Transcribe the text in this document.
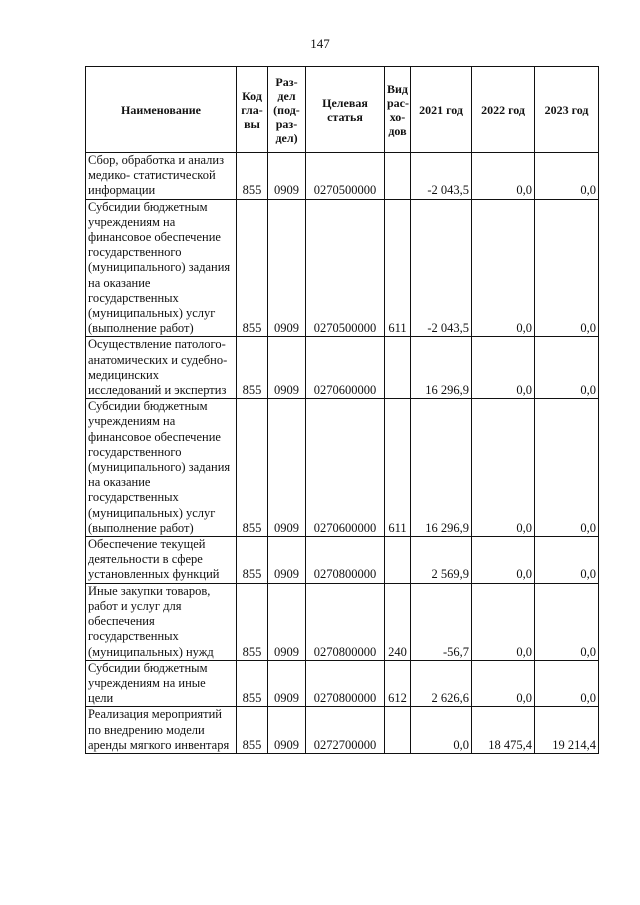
147
Наименование	Код гла- вы	Раз- дел (под- раз- дел)	Целевая статья	Вид рас- хо- дов	2021 год	2022 год	2023 год
Сбор, обработка и анализ медико- статистической информации	855	0909	0270500000		-2 043,5	0,0	0,0
Субсидии бюджетным учреждениям на финансовое обеспечение государственного (муниципального) задания на оказание государственных (муниципальных) услуг (выполнение работ)	855	0909	0270500000	611	-2 043,5	0,0	0,0
Осуществление патолого-анатомических и судебно-медицинских исследований и экспертиз	855	0909	0270600000		16 296,9	0,0	0,0
Субсидии бюджетным учреждениям на финансовое обеспечение государственного (муниципального) задания на оказание государственных (муниципальных) услуг (выполнение работ)	855	0909	0270600000	611	16 296,9	0,0	0,0
Обеспечение текущей деятельности в сфере установленных функций	855	0909	0270800000		2 569,9	0,0	0,0
Иные закупки товаров, работ и услуг для обеспечения государственных (муниципальных) нужд	855	0909	0270800000	240	-56,7	0,0	0,0
Субсидии бюджетным учреждениям на иные цели	855	0909	0270800000	612	2 626,6	0,0	0,0
Реализация мероприятий по внедрению модели аренды мягкого инвентаря	855	0909	0272700000		0,0	18 475,4	19 214,4
